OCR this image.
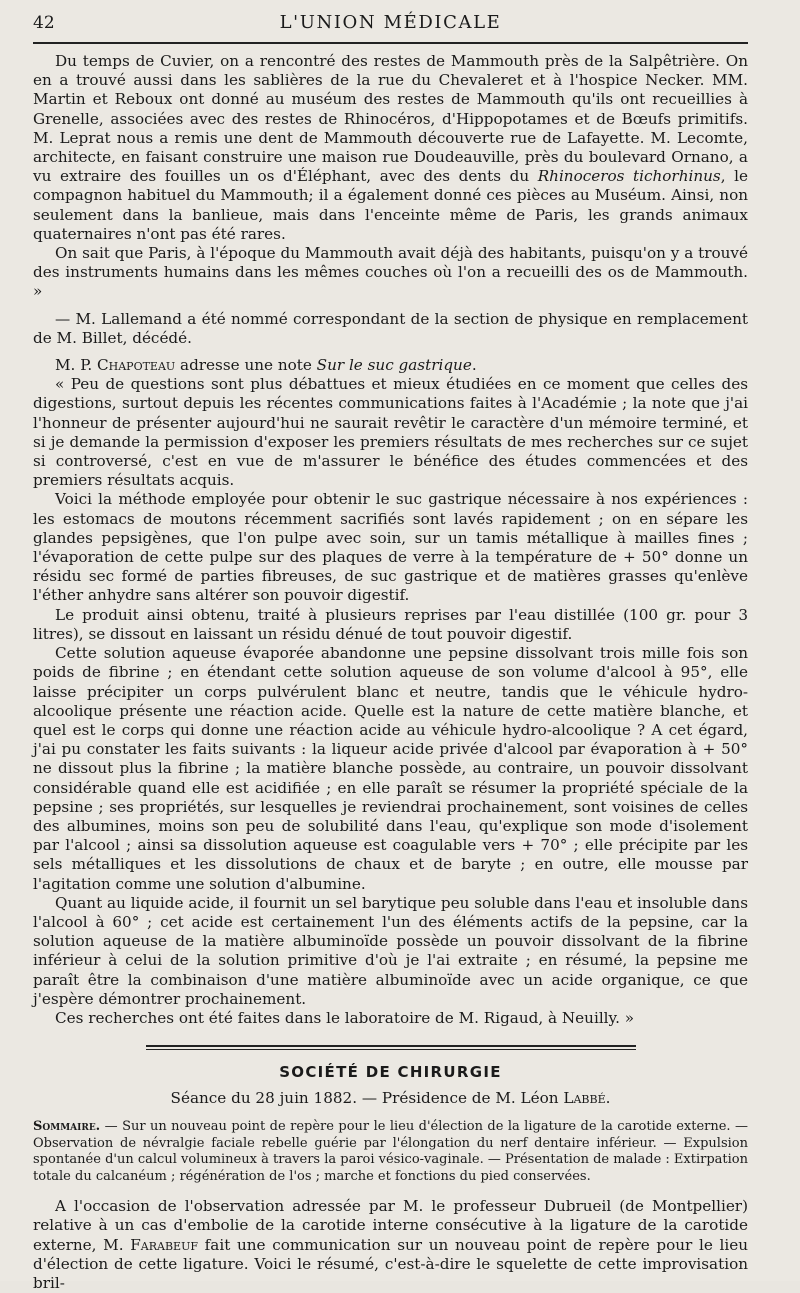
42	L'UNION MÉDICALE

Du temps de Cuvier, on a rencontré des restes de Mammouth près de la Salpêtrière. On en a trouvé aussi dans les sablières de la rue du Chevaleret et à l'hospice Necker. MM. Martin et Reboux ont donné au muséum des restes de Mammouth qu'ils ont recueillies à Grenelle, associées avec des restes de Rhinocéros, d'Hippopotames et de Bœufs primitifs. M. Leprat nous a remis une dent de Mammouth découverte rue de Lafayette. M. Lecomte, architecte, en faisant construire une maison rue Doudeauville, près du boulevard Ornano, a vu extraire des fouilles un os d'Éléphant, avec des dents du Rhinoceros tichorhinus, le compagnon habituel du Mammouth; il a également donné ces pièces au Muséum. Ainsi, non seulement dans la banlieue, mais dans l'enceinte même de Paris, les grands animaux quaternaires n'ont pas été rares.

On sait que Paris, à l'époque du Mammouth avait déjà des habitants, puisqu'on y a trouvé des instruments humains dans les mêmes couches où l'on a recueilli des os de Mammouth. »

— M. Lallemand a été nommé correspondant de la section de physique en remplacement de M. Billet, décédé.

M. P. Chapoteau adresse une note Sur le suc gastrique.

« Peu de questions sont plus débattues et mieux étudiées en ce moment que celles des digestions, surtout depuis les récentes communications faites à l'Académie ; la note que j'ai l'honneur de présenter aujourd'hui ne saurait revêtir le caractère d'un mémoire terminé, et si je demande la permission d'exposer les premiers résultats de mes recherches sur ce sujet si controversé, c'est en vue de m'assurer le bénéfice des études commencées et des premiers résultats acquis.

Voici la méthode employée pour obtenir le suc gastrique nécessaire à nos expériences : les estomacs de moutons récemment sacrifiés sont lavés rapidement ; on en sépare les glandes pepsigènes, que l'on pulpe avec soin, sur un tamis métallique à mailles fines ; l'évaporation de cette pulpe sur des plaques de verre à la température de + 50° donne un résidu sec formé de parties fibreuses, de suc gastrique et de matières grasses qu'enlève l'éther anhydre sans altérer son pouvoir digestif.

Le produit ainsi obtenu, traité à plusieurs reprises par l'eau distillée (100 gr. pour 3 litres), se dissout en laissant un résidu dénué de tout pouvoir digestif.

Cette solution aqueuse évaporée abandonne une pepsine dissolvant trois mille fois son poids de fibrine ; en étendant cette solution aqueuse de son volume d'alcool à 95°, elle laisse précipiter un corps pulvérulent blanc et neutre, tandis que le véhicule hydro-alcoolique présente une réaction acide. Quelle est la nature de cette matière blanche, et quel est le corps qui donne une réaction acide au véhicule hydro-alcoolique ? A cet égard, j'ai pu constater les faits suivants : la liqueur acide privée d'alcool par évaporation à + 50° ne dissout plus la fibrine ; la matière blanche possède, au contraire, un pouvoir dissolvant considérable quand elle est acidifiée ; en elle paraît se résumer la propriété spéciale de la pepsine ; ses propriétés, sur lesquelles je reviendrai prochainement, sont voisines de celles des albumines, moins son peu de solubilité dans l'eau, qu'explique son mode d'isolement par l'alcool ; ainsi sa dissolution aqueuse est coagulable vers + 70° ; elle précipite par les sels métalliques et les dissolutions de chaux et de baryte ; en outre, elle mousse par l'agitation comme une solution d'albumine.

Quant au liquide acide, il fournit un sel barytique peu soluble dans l'eau et insoluble dans l'alcool à 60° ; cet acide est certainement l'un des éléments actifs de la pepsine, car la solution aqueuse de la matière albuminoïde possède un pouvoir dissolvant de la fibrine inférieur à celui de la solution primitive d'où je l'ai extraite ; en résumé, la pepsine me paraît être la combinaison d'une matière albuminoïde avec un acide organique, ce que j'espère démontrer prochainement.

Ces recherches ont été faites dans le laboratoire de M. Rigaud, à Neuilly. »

SOCIÉTÉ DE CHIRURGIE
Séance du 28 juin 1882. — Présidence de M. Léon Labbé.
Sommaire. — Sur un nouveau point de repère pour le lieu d'élection de la ligature de la carotide externe. — Observation de névralgie faciale rebelle guérie par l'élongation du nerf dentaire inférieur. — Expulsion spontanée d'un calcul volumineux à travers la paroi vésico-vaginale. — Présentation de malade : Extirpation totale du calcanéum ; régénération de l'os ; marche et fonctions du pied conservées.

A l'occasion de l'observation adressée par M. le professeur Dubrueil (de Montpellier) relative à un cas d'embolie de la carotide interne consécutive à la ligature de la carotide externe, M. Farabeuf fait une communication sur un nouveau point de repère pour le lieu d'élection de cette ligature. Voici le résumé, c'est-à-dire le squelette de cette improvisation bril-
